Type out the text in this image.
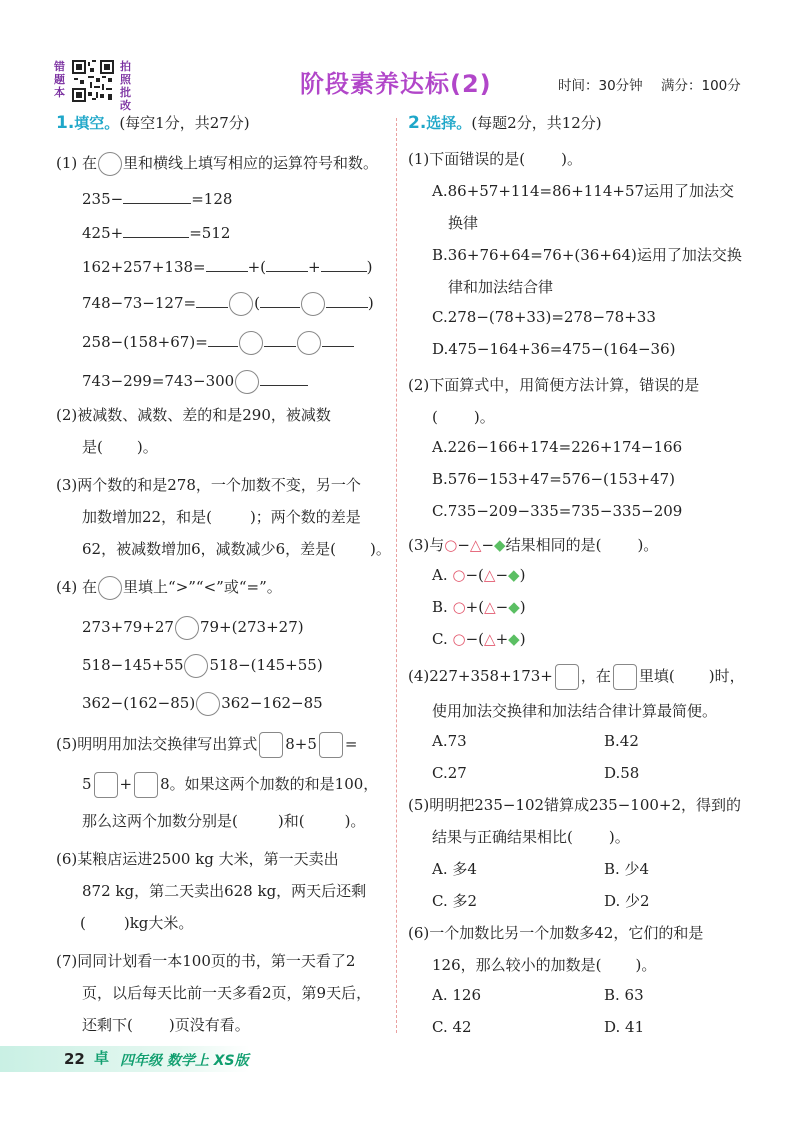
错题本
拍照批改
阶段素养达标(2)	时间：30分钟 满分：100分
1.填空。(每空1分，共27分)
(1) 在 里和横线上填写相应的运算符号和数。
235−	=128
425+	=512
162+257+138=	+(	+	)
748−73−127=	(	)
258−(158+67)=
743−299=743−300
(2)被减数、减数、差的和是290，被减数
是( )。
(3)两个数的和是278，一个加数不变，另一个
加数增加22，和是(	)；两个数的差是
62，被减数增加6，减数减少6，差是( )。
(4) 在 里填上“>”“<”或“=”。
273+79+27 79+(273+27)
518−145+55 518−(145+55)
362−(162−85) 362−162−85
(5)明明用加法交换律写出算式 8+5 =
5 + 8。如果这两个加数的和是100，
那么这两个加数分别是(	)和(	)。
(6)某粮店运进2500 kg 大米，第一天卖出
872 kg，第二天卖出628 kg，两天后还剩
(	)kg大米。
(7)同同计划看一本100页的书，第一天看了2
页，以后每天比前一天多看2页，第9天后，
还剩下( )页没有看。
2.选择。(每题2分，共12分)
(1)下面错误的是( )。
A.86+57+114=86+114+57运用了加法交
换律
B.36+76+64=76+(36+64)运用了加法交换
律和加法结合律
C.278−(78+33)=278−78+33
D.475−164+36=475−(164−36)
(2)下面算式中，用简便方法计算，错误的是
( )。
A.226−166+174=226+174−166
B.576−153+47=576−(153+47)
C.735−209−335=735−335−209
(3)与○−△−◆结果相同的是( )。
A. ○−(△−◆)
B. ○+(△−◆)
C. ○−(△+◆)
(4)227+358+173+ ，在 里填( )时，
使用加法交换律和加法结合律计算最简便。
A.73	B.42
C.27	D.58
(5)明明把235−102错算成235−100+2，得到的
结果与正确结果相比( )。
A. 多4	B. 少4
C. 多2	D. 少2
(6)一个加数比另一个加数多42，它们的和是
126，那么较小的加数是( )。
A. 126	B. 63
C. 42	D. 41
22 卓 四年级 数学上 XS版
